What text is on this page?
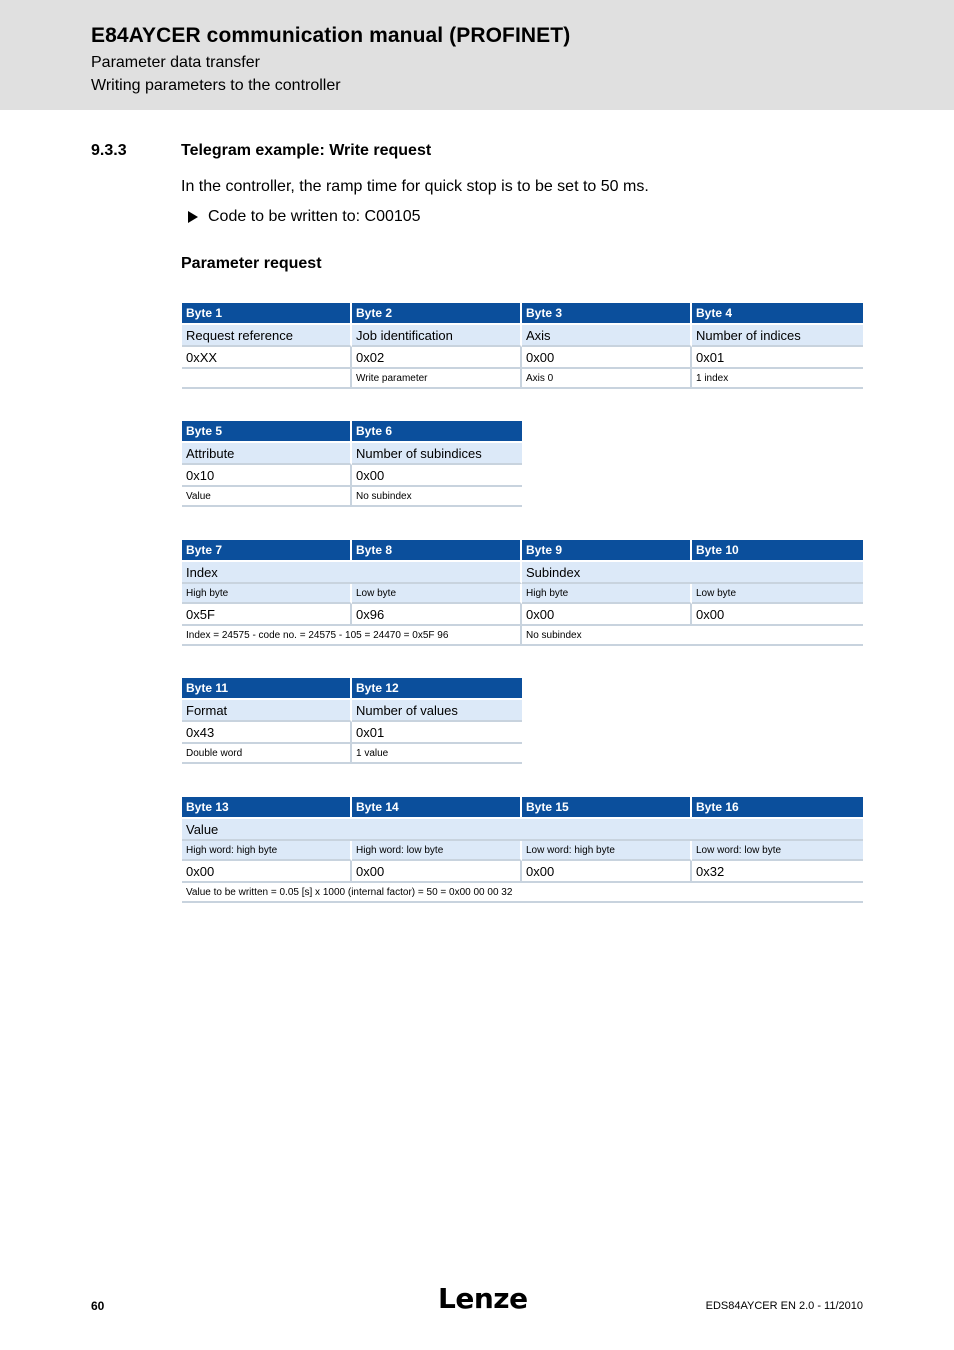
E84AYCER communication manual (PROFINET)
Parameter data transfer
Writing parameters to the controller
9.3.3	Telegram example: Write request
In the controller, the ramp time for quick stop is to be set to 50 ms.
Code to be written to: C00105
Parameter request
Byte 1	Byte 2	Byte 3	Byte 4
Request reference	Job identification	Axis	Number of indices
0xXX	0x02	0x00	0x01
	Write parameter	Axis 0	1 index
Byte 5	Byte 6
Attribute	Number of subindices
0x10	0x00
Value	No subindex
Byte 7	Byte 8	Byte 9	Byte 10
Index		Subindex	
High byte	Low byte	High byte	Low byte
0x5F	0x96	0x00	0x00
Index = 24575 - code no. = 24575 - 105 = 24470 = 0x5F 96		No subindex	
Byte 11	Byte 12
Format	Number of values
0x43	0x01
Double word	1 value
Byte 13	Byte 14	Byte 15	Byte 16
Value			
High word: high byte	High word: low byte	Low word: high byte	Low word: low byte
0x00	0x00	0x00	0x32
Value to be written = 0.05 [s] x 1000 (internal factor) = 50 = 0x00 00 00 32			
60	Lenze	EDS84AYCER EN 2.0 - 11/2010
